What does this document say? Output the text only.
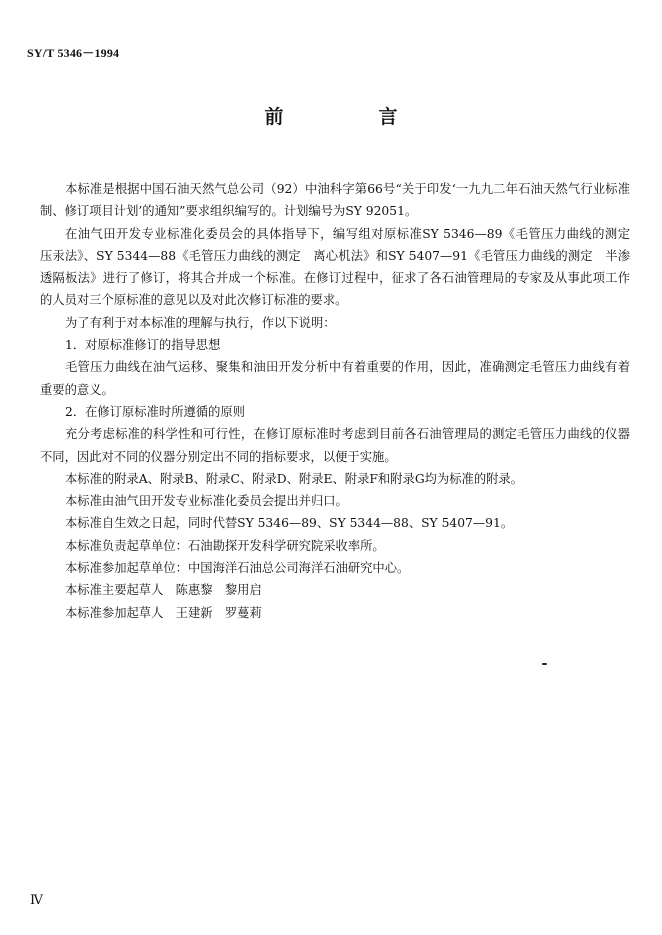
SY/T 5346－1994
前　言

本标准是根据中国石油天然气总公司（92）中油科字第66号“关于印发‘一九九二年石油天然气行业标准制、修订项目计划’的通知”要求组织编写的。计划编号为SY 92051。

在油气田开发专业标准化委员会的具体指导下，编写组对原标准SY 5346—89《毛管压力曲线的测定　压汞法》、SY 5344—88《毛管压力曲线的测定　离心机法》和SY 5407—91《毛管压力曲线的测定　半渗透隔板法》进行了修订，将其合并成一个标准。在修订过程中，征求了各石油管理局的专家及从事此项工作的人员对三个原标准的意见以及对此次修订标准的要求。

为了有利于对本标准的理解与执行，作以下说明：

1．对原标准修订的指导思想

毛管压力曲线在油气运移、聚集和油田开发分析中有着重要的作用，因此，准确测定毛管压力曲线有着重要的意义。

2．在修订原标准时所遵循的原则

充分考虑标准的科学性和可行性，在修订原标准时考虑到目前各石油管理局的测定毛管压力曲线的仪器不同，因此对不同的仪器分别定出不同的指标要求，以便于实施。

本标准的附录A、附录B、附录C、附录D、附录E、附录F和附录G均为标准的附录。

本标准由油气田开发专业标准化委员会提出并归口。

本标准自生效之日起，同时代替SY 5346—89、SY 5344—88、SY 5407—91。

本标准负责起草单位：石油勘探开发科学研究院采收率所。

本标准参加起草单位：中国海洋石油总公司海洋石油研究中心。

本标准主要起草人　陈惠黎　黎用启

本标准参加起草人　王建新　罗蔓莉

Ⅳ
